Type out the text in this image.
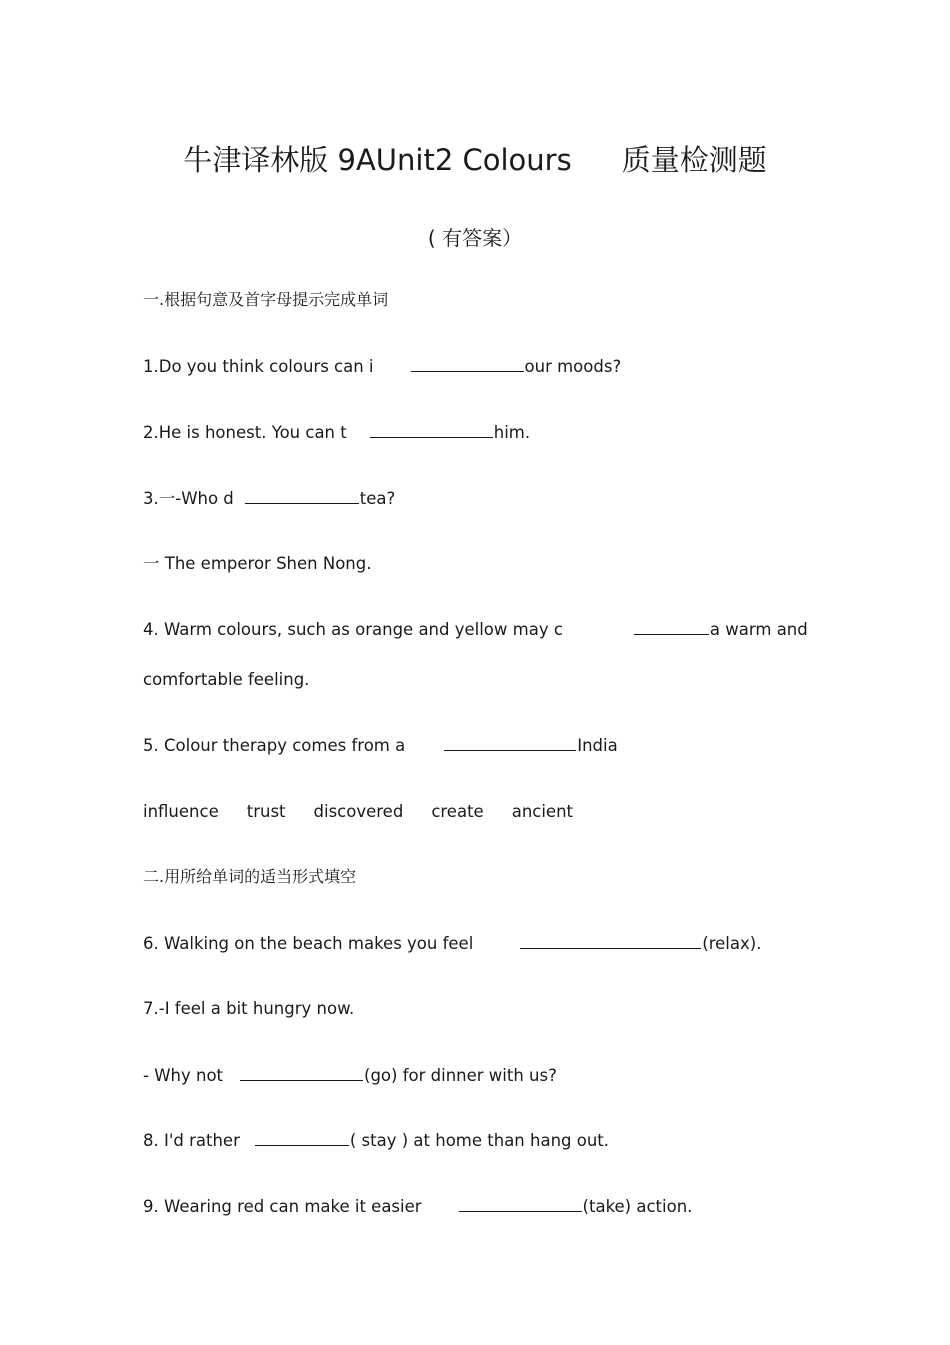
牛津译林版 9AUnit2 Colours 质量检测题
( 有答案）
一.根据句意及首字母提示完成单词
1.Do you think colours can i	our moods?
2.He is honest. You can t	him.
3.一-Who d	tea?
一 The emperor Shen Nong.
4. Warm colours, such as orange and yellow may c	a warm and
comfortable feeling.
5. Colour therapy comes from a	India
influence trust discovered create ancient
二.用所给单词的适当形式填空
6. Walking on the beach makes you feel	(relax).
7.-I feel a bit hungry now.
- Why not	(go) for dinner with us?
8. I'd rather	( stay ) at home than hang out.
9. Wearing red can make it easier	(take) action.
